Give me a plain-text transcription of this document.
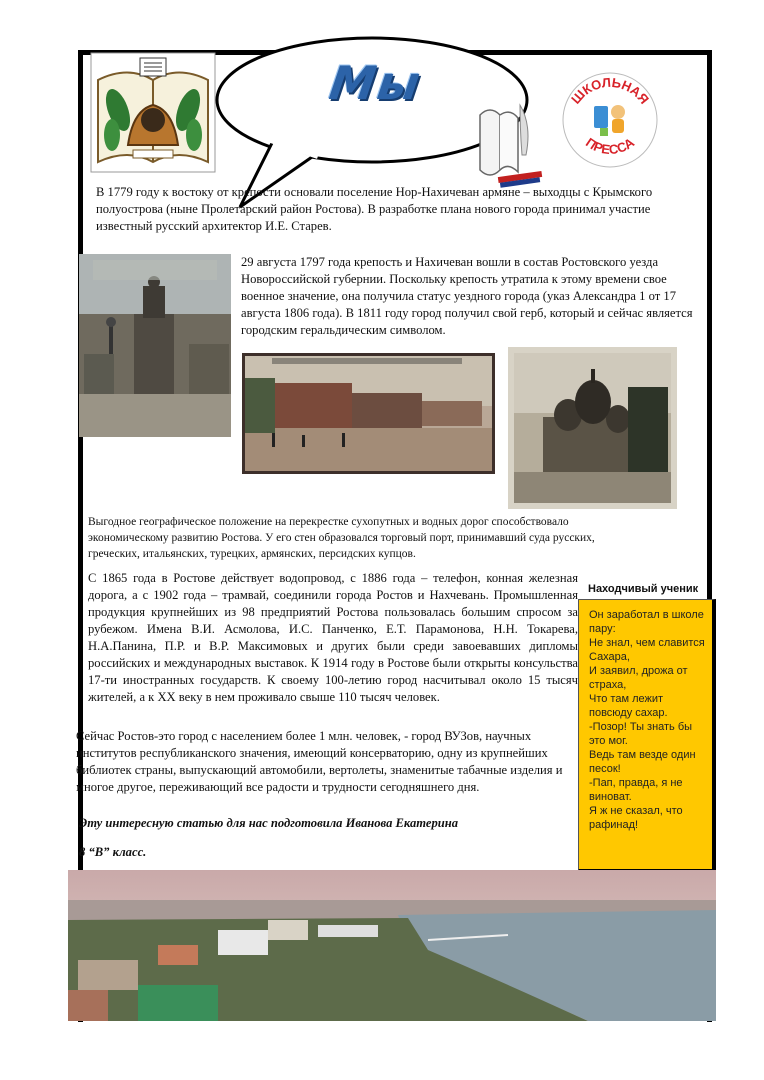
Мы	ШКОЛЬНАЯ
ПРЕССА
В 1779 году к востоку от крепости основали поселение Нор-Нахичеван армяне – выходцы с Крымского полуострова (ныне Пролетарский район Ростова). В разработке плана нового города принимал участие известный русский архитектор И.Е. Старев.
29 августа 1797 года крепость и Нахичеван вошли в состав Ростовского уезда Новороссийской губернии. Поскольку крепость утратила к этому времени свое военное значение, она получила статус уездного города (указ Александра 1 от 17 августа 1806 года). В 1811 году город получил свой герб, который и сейчас является городским геральдическим символом.
Выгодное географическое положение на перекрестке сухопутных и водных дорог способствовало экономическому развитию Ростова. У его стен образовался торговый порт, принимавший суда русских, греческих, итальянских, турецких, армянских, персидских купцов.
С 1865 года в Ростове действует водопровод, с 1886 года – телефон, конная железная дорога, а с 1902 года – трамвай, соединили города Ростов и Нахчевань. Промышленная продукция крупнейших из 98 предприятий Ростова пользовалась большим спросом за рубежом. Имена В.И. Асмолова, И.С. Панченко, Е.Т. Парамонова, Н.Н. Токарева, Н.А.Панина, П.Р. и В.Р. Максимовых и других были среди завоевавших дипломы российских и международных выставок. К 1914 году в Ростове были открыты консульства 17-ти иностранных государств. К своему 100-летию город насчитывал около 15 тысяч жителей, а к XX веку в нем проживало свыше 110 тысяч человек.
Сейчас Ростов-это город с населением более 1 млн. человек, - город ВУЗов, научных институтов республиканского значения, имеющий консерваторию, одну из крупнейших библиотек страны, выпускающий автомобили, вертолеты, знаменитые табачные изделия и многое другое, переживающий все радости и трудности сегодняшнего дня.
Эту интересную статью для нас подготовила Иванова Екатерина
8 “В” класс.
Находчивый ученик
Он заработал в школе пару:
Не знал, чем славится Сахара,
И заявил, дрожа от страха,
Что там лежит повсюду сахар.
-Позор! Ты знать бы это мог.
Ведь там везде один песок!
-Пап, правда, я не виноват.
Я ж не сказал, что рафинад!
